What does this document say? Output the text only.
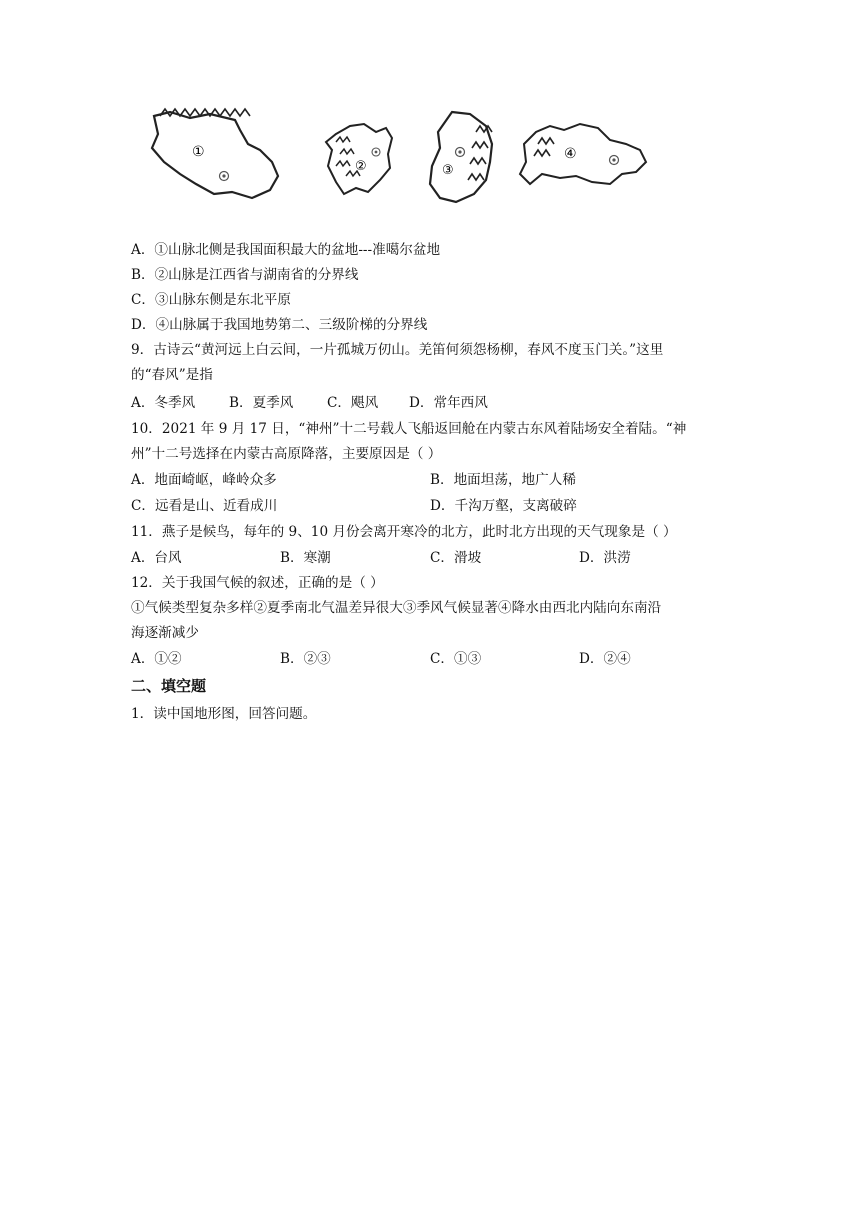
①
②	③
④
A．①山脉北侧是我国面积最大的盆地---准噶尔盆地
B．②山脉是江西省与湖南省的分界线
C．③山脉东侧是东北平原
D．④山脉属于我国地势第二、三级阶梯的分界线
9．古诗云“黄河远上白云间，一片孤城万仞山。羌笛何须怨杨柳，春风不度玉门关。”这里
的“春风”是指
A．冬季风 B．夏季风 C．飓风 D．常年西风
10．2021 年 9 月 17 日，“神州”十二号载人飞船返回舱在内蒙古东风着陆场安全着陆。“神
州”十二号选择在内蒙古高原降落，主要原因是（ ）
A．地面崎岖，峰岭众多	B．地面坦荡，地广人稀
C．远看是山、近看成川	D．千沟万壑，支离破碎
11．燕子是候鸟，每年的 9、10 月份会离开寒冷的北方，此时北方出现的天气现象是（ ）
A．台风	B．寒潮	C．滑坡	D．洪涝
12．关于我国气候的叙述，正确的是（ ）
①气候类型复杂多样②夏季南北气温差异很大③季风气候显著④降水由西北内陆向东南沿
海逐渐减少
A．①②	B．②③	C．①③	D．②④
二、填空题
1．读中国地形图，回答问题。
